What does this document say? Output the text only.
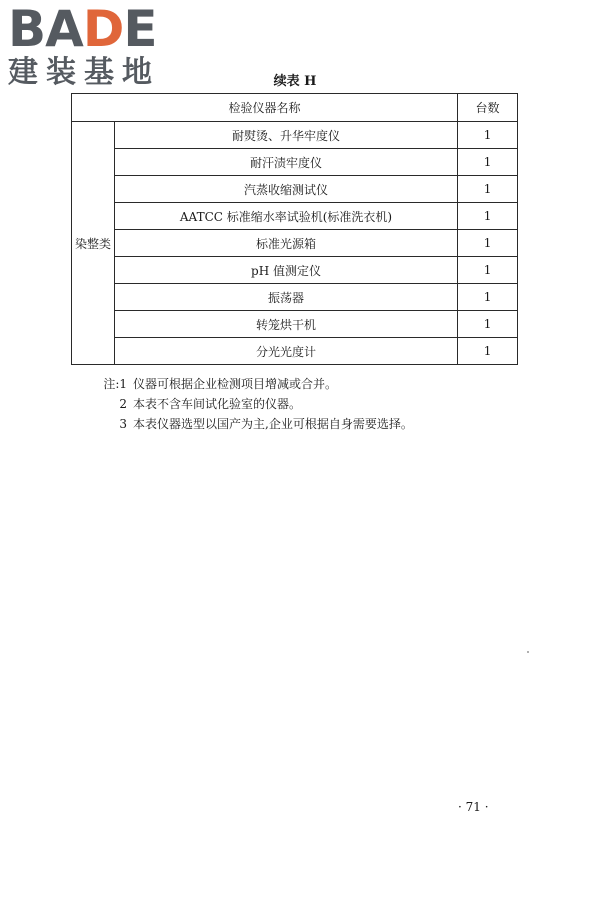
BA D E
建装基地	续表 H
检验仪器名称		台数
染整类	耐熨烫、升华牢度仪	1
	耐汗渍牢度仪	1
	汽蒸收缩测试仪	1
	AATCC 标准缩水率试验机(标准洗衣机)	1
	标准光源箱	1
	pH 值测定仪	1
	振荡器	1
	转笼烘干机	1
	分光光度计	1
注:1 仪器可根据企业检测项目增减或合并。
2 本表不含车间试化验室的仪器。
3 本表仪器选型以国产为主,企业可根据自身需要选择。
· 71 ·
